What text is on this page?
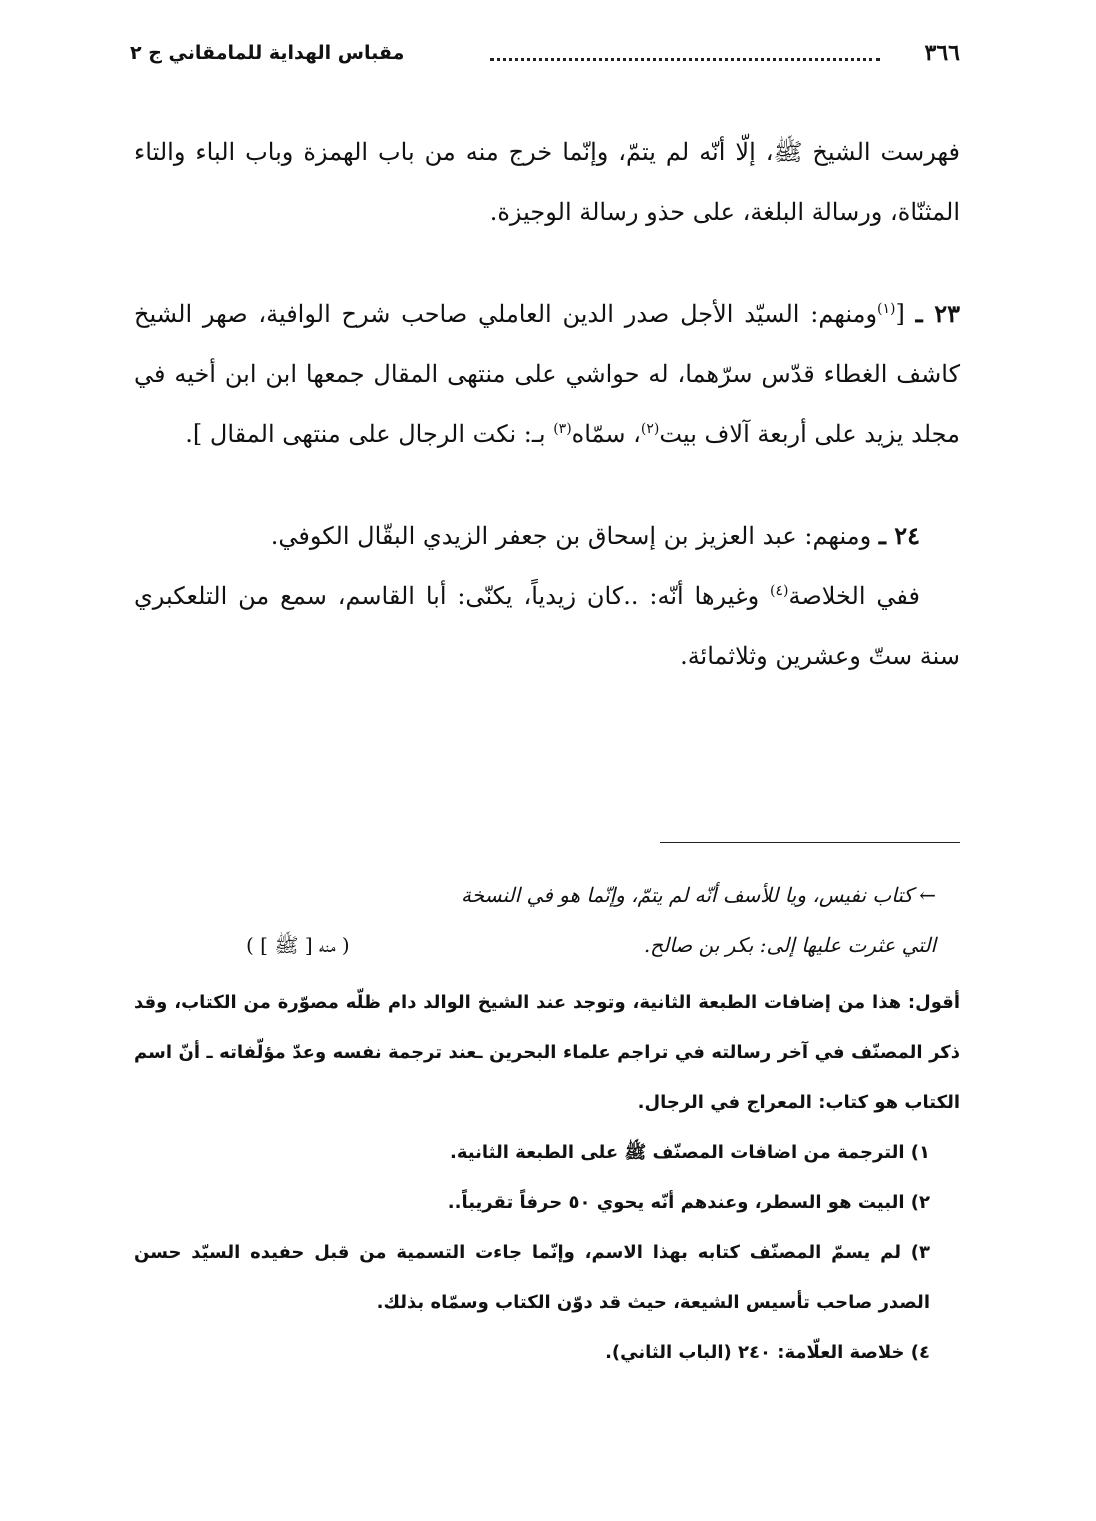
٣٦٦
مقباس الهداية للمامقاني ج ٢

فهرست الشيخ ﷺ، إلّا أنّه لم يتمّ، وإنّما خرج منه من باب الهمزة وباب الباء والتاء المثنّاة، ورسالة البلغة، على حذو رسالة الوجيزة.

٢٣ ـ [$^{(١)}$ومنهم: السيّد الأجل صدر الدين العاملي صاحب شرح الوافية، صهر الشيخ كاشف الغطاء قدّس سرّهما، له حواشي على منتهى المقال جمعها ابن ابن أخيه في مجلد يزيد على أربعة آلاف بيت$^{(٢)}$، سمّاه$^{(٣)}$ بـ: نكت الرجال على منتهى المقال ].

٢٤ ـ ومنهم: عبد العزيز بن إسحاق بن جعفر الزيدي البقّال الكوفي.

ففي الخلاصة$^{(٤)}$ وغيرها أنّه: ..كان زيدياً، يكنّى: أبا القاسم، سمع من التلعكبري سنة ستّ وعشرين وثلاثمائة.

← كتاب نفيس، ويا للأسف أنّه لم يتمّ، وإنّما هو في النسخة
التي عثرت عليها إلى: بكر بن صالح.
( منه [ ﷺ ] )

أقول: هذا من إضافات الطبعة الثانية، وتوجد عند الشيخ الوالد دام ظلّه مصوّرة من الكتاب، وقد ذكر المصنّف في آخر رسالته في تراجم علماء البحرين ـعند ترجمة نفسه وعدّ مؤلّفاته ـ أنّ اسم الكتاب هو كتاب: المعراج في الرجال.

١) الترجمة من اضافات المصنّف ﷺ على الطبعة الثانية.

٢) البيت هو السطر، وعندهم أنّه يحوي ٥٠ حرفاً تقريباً..

٣) لم يسمّ المصنّف كتابه بهذا الاسم، وإنّما جاءت التسمية من قبل حفيده السيّد حسن الصدر صاحب تأسيس الشيعة، حيث قد دوّن الكتاب وسمّاه بذلك.

٤) خلاصة العلّامة: ٢٤٠ (الباب الثاني).
